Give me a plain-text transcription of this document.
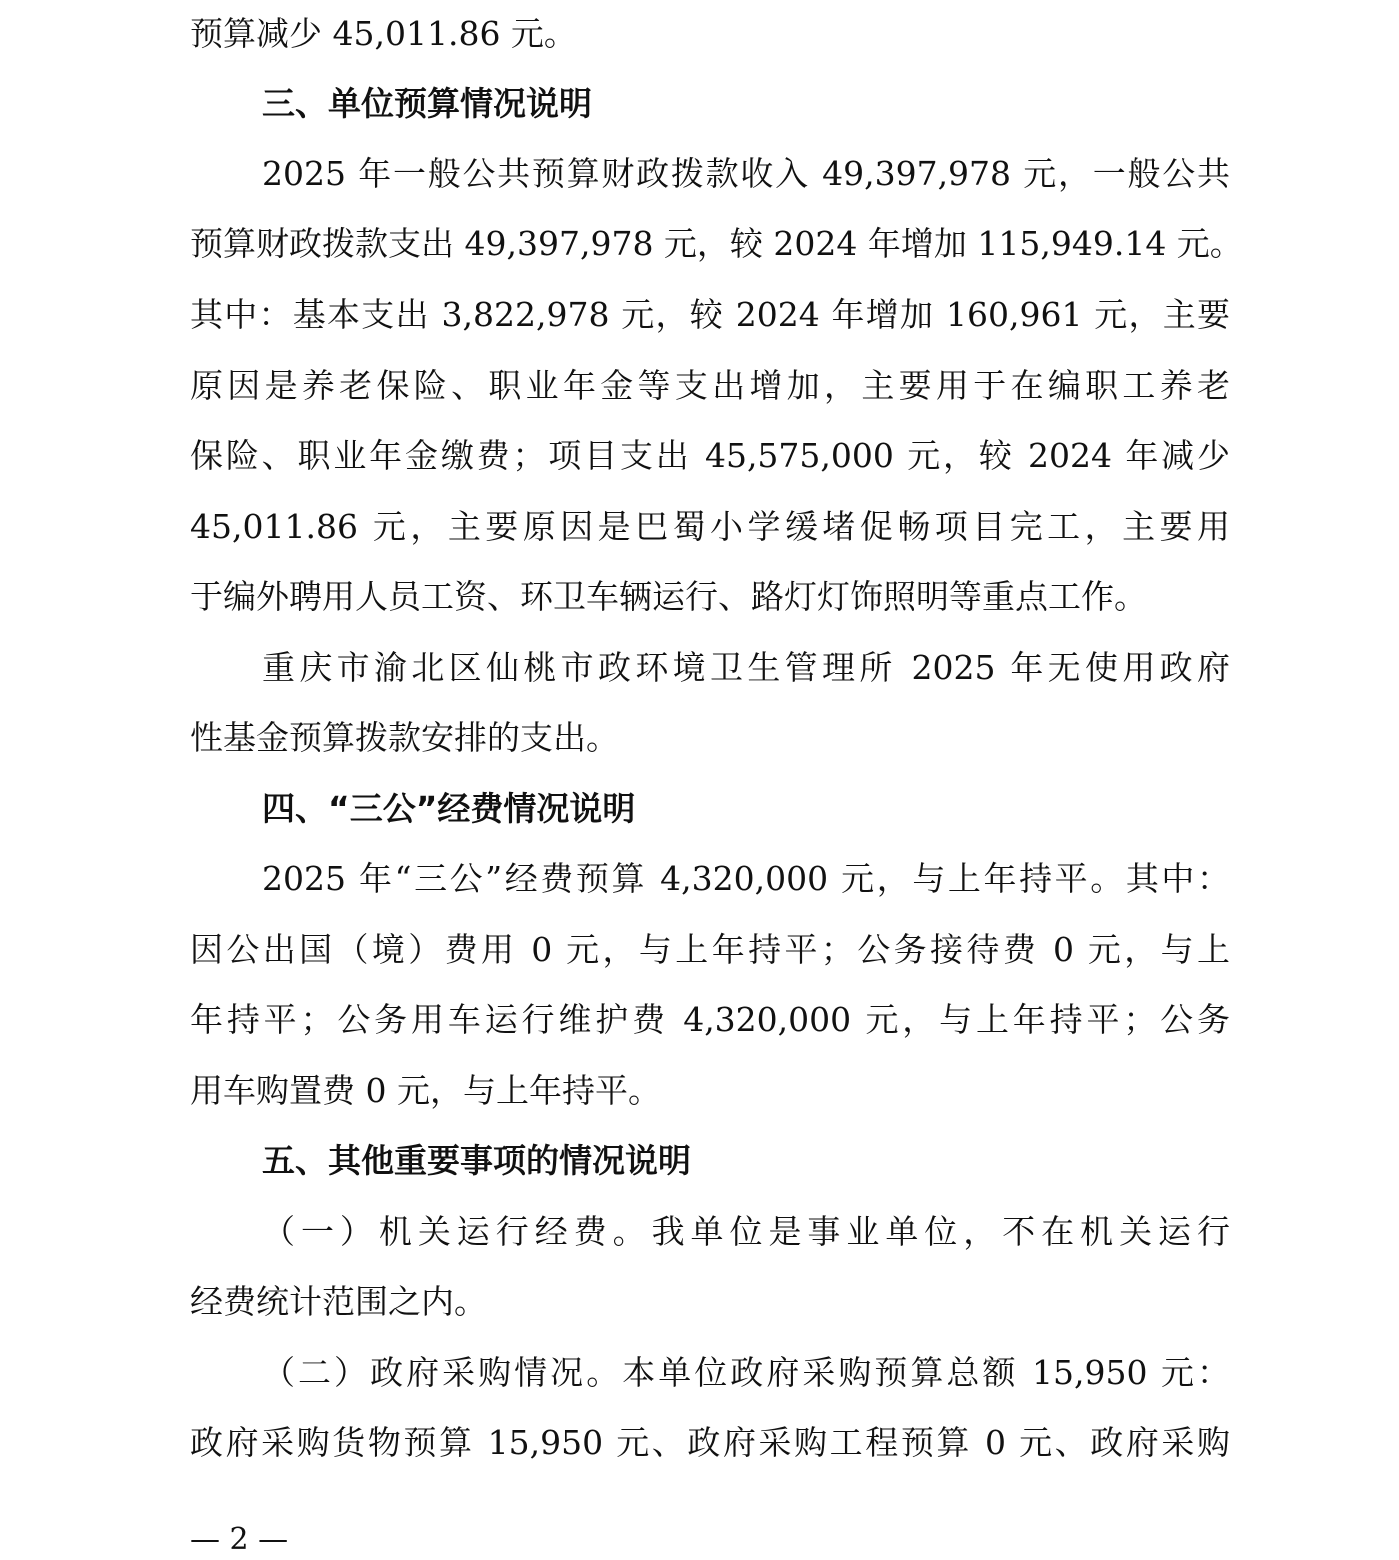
预算减少 45,011.86 元。
三、单位预算情况说明
2025 年一般公共预算财政拨款收入 49,397,978 元，一般公共
预算财政拨款支出 49,397,978 元，较 2024 年增加 115,949.14 元。
其中：基本支出 3,822,978 元，较 2024 年增加 160,961 元，主要
原因是养老保险、职业年金等支出增加，主要用于在编职工养老
保险、职业年金缴费；项目支出 45,575,000 元，较 2024 年减少
45,011.86 元，主要原因是巴蜀小学缓堵促畅项目完工，主要用
于编外聘用人员工资、环卫车辆运行、路灯灯饰照明等重点工作。
重庆市渝北区仙桃市政环境卫生管理所 2025 年无使用政府
性基金预算拨款安排的支出。
四、“三公”经费情况说明
2025 年“三公”经费预算 4,320,000 元，与上年持平。其中：
因公出国（境）费用 0 元，与上年持平；公务接待费 0 元，与上
年持平；公务用车运行维护费 4,320,000 元，与上年持平；公务
用车购置费 0 元，与上年持平。
五、其他重要事项的情况说明
（一）机关运行经费。我单位是事业单位，不在机关运行
经费统计范围之内。
（二）政府采购情况。本单位政府采购预算总额 15,950 元：
政府采购货物预算 15,950 元、政府采购工程预算 0 元、政府采购
— 2 —
